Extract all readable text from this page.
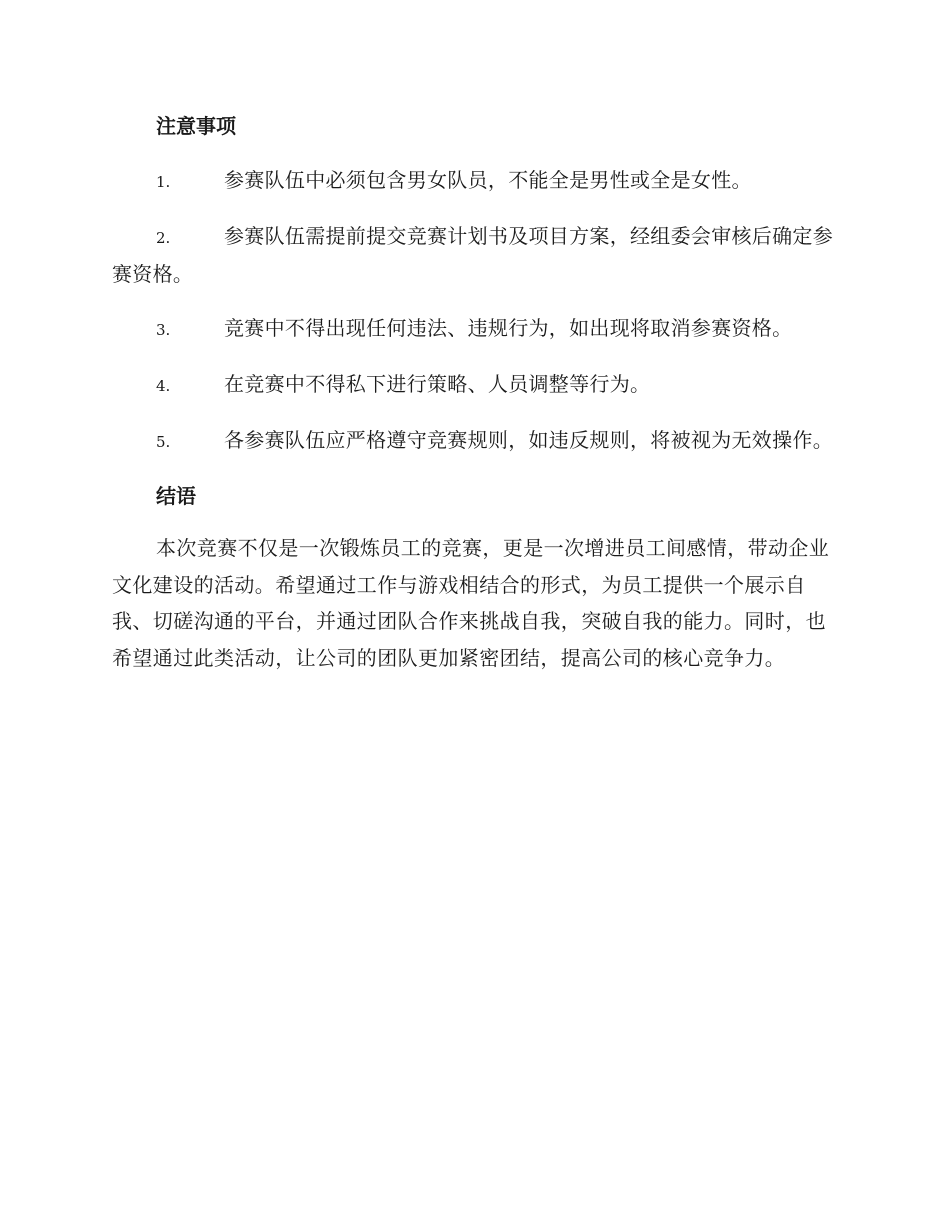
注意事项
1.	参赛队伍中必须包含男女队员，不能全是男性或全是女性。
2.	参赛队伍需提前提交竞赛计划书及项目方案，经组委会审核后确定参赛资格。
3.	竞赛中不得出现任何违法、违规行为，如出现将取消参赛资格。
4.	在竞赛中不得私下进行策略、人员调整等行为。
5.	各参赛队伍应严格遵守竞赛规则，如违反规则，将被视为无效操作。
结语

本次竞赛不仅是一次锻炼员工的竞赛，更是一次增进员工间感情，带动企业文化建设的活动。希望通过工作与游戏相结合的形式，为员工提供一个展示自我、切磋沟通的平台，并通过团队合作来挑战自我，突破自我的能力。同时，也希望通过此类活动，让公司的团队更加紧密团结，提高公司的核心竞争力。
